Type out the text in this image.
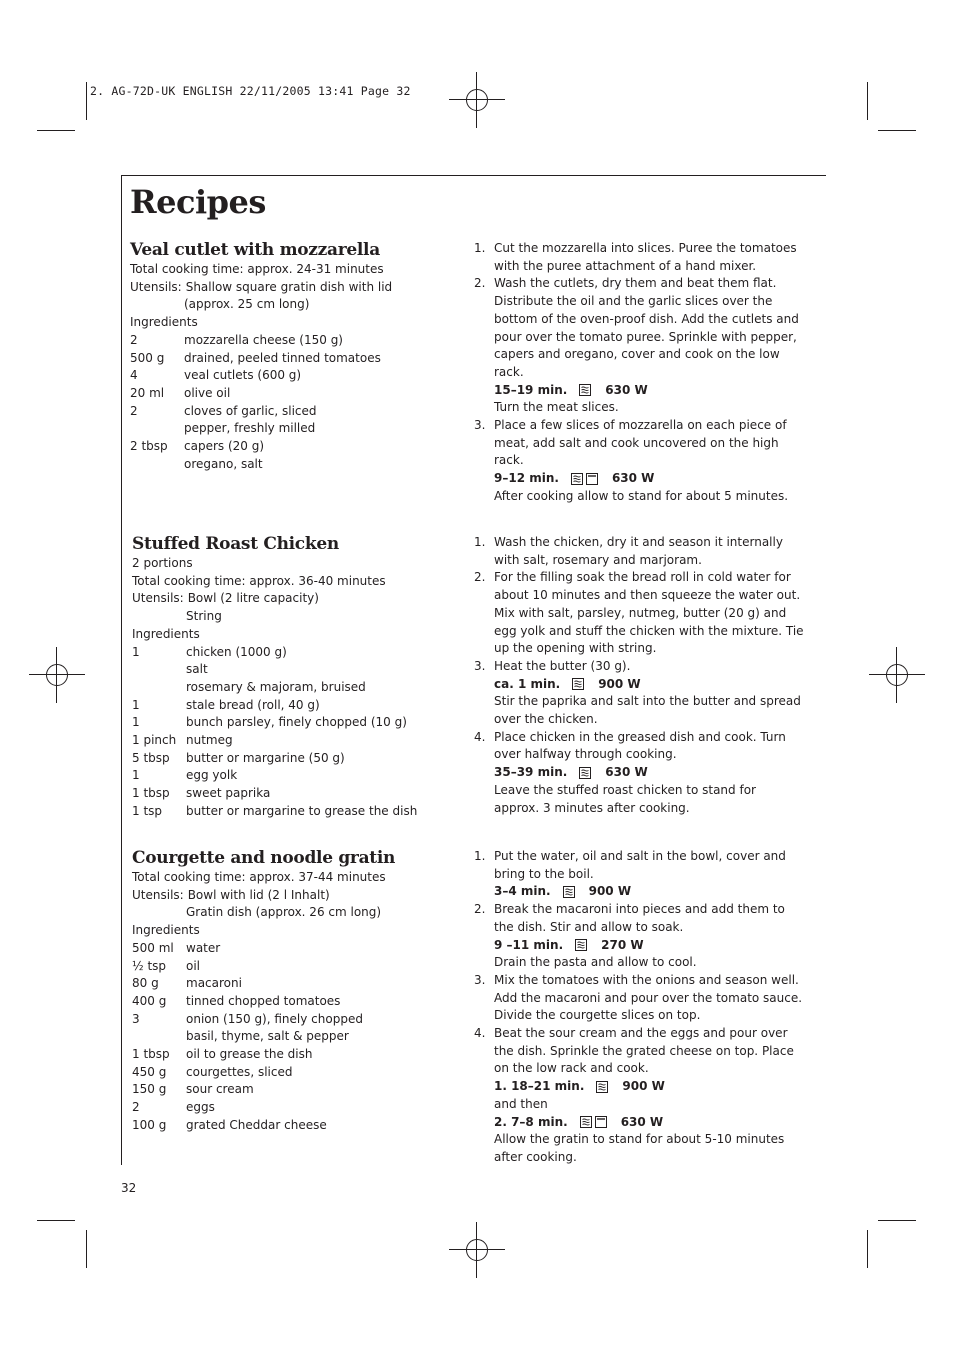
2. AG-72D-UK ENGLISH 22/11/2005 13:41 Page 32
Recipes
Veal cutlet with mozzarella
Total cooking time: approx. 24-31 minutes
Utensils: Shallow square gratin dish with lid
(approx. 25 cm long)
Ingredients
2	mozzarella cheese (150 g)
500 g	drained, peeled tinned tomatoes
4	veal cutlets (600 g)
20 ml	olive oil
2	cloves of garlic, sliced
pepper, freshly milled
2 tbsp	capers (20 g)
oregano, salt
1. Cut the mozzarella into slices. Puree the tomatoes with the puree attachment of a hand mixer.
2. Wash the cutlets, dry them and beat them flat. Distribute the oil and the garlic slices over the bottom of the oven-proof dish. Add the cutlets and pour over the tomato puree. Sprinkle with pepper, capers and oregano, cover and cook on the low rack.
15–19 min.	630 W
Turn the meat slices.
3. Place a few slices of mozzarella on each piece of meat, add salt and cook uncovered on the high rack.
9–12 min.	630 W
After cooking allow to stand for about 5 minutes.
Stuffed Roast Chicken
2 portions
Total cooking time: approx. 36-40 minutes
Utensils: Bowl (2 litre capacity)
String
Ingredients
1	chicken (1000 g)
salt
rosemary & majoram, bruised
1	stale bread (roll, 40 g)
1	bunch parsley, finely chopped (10 g)
1 pinch nutmeg
5 tbsp	butter or margarine (50 g)
1	egg yolk
1 tbsp	sweet paprika
1 tsp	butter or margarine to grease the dish
1. Wash the chicken, dry it and season it internally with salt, rosemary and marjoram.
2. For the filling soak the bread roll in cold water for about 10 minutes and then squeeze the water out. Mix with salt, parsley, nutmeg, butter (20 g) and egg yolk and stuff the chicken with the mixture. Tie up the opening with string.
3. Heat the butter (30 g).
ca. 1 min.	900 W
Stir the paprika and salt into the butter and spread over the chicken.
4. Place chicken in the greased dish and cook. Turn over halfway through cooking.
35–39 min.	630 W
Leave the stuffed roast chicken to stand for approx. 3 minutes after cooking.
Courgette and noodle gratin
Total cooking time: approx. 37-44 minutes
Utensils: Bowl with lid (2 l Inhalt)
Gratin dish (approx. 26 cm long)
Ingredients
500 ml	water
½ tsp	oil
80 g	macaroni
400 g	tinned chopped tomatoes
3	onion (150 g), finely chopped
basil, thyme, salt & pepper
1 tbsp	oil to grease the dish
450 g	courgettes, sliced
150 g	sour cream
2	eggs
100 g	grated Cheddar cheese
1. Put the water, oil and salt in the bowl, cover and bring to the boil.
3–4 min.	900 W
2. Break the macaroni into pieces and add them to the dish. Stir and allow to soak.
9 –11 min.	270 W
Drain the pasta and allow to cool.
3. Mix the tomatoes with the onions and season well. Add the macaroni and pour over the tomato sauce. Divide the courgette slices on top.
4. Beat the sour cream and the eggs and pour over the dish. Sprinkle the grated cheese on top. Place on the low rack and cook.
1. 18–21 min.	900 W
and then
2. 7–8 min.	630 W
Allow the gratin to stand for about 5-10 minutes after cooking.
32
